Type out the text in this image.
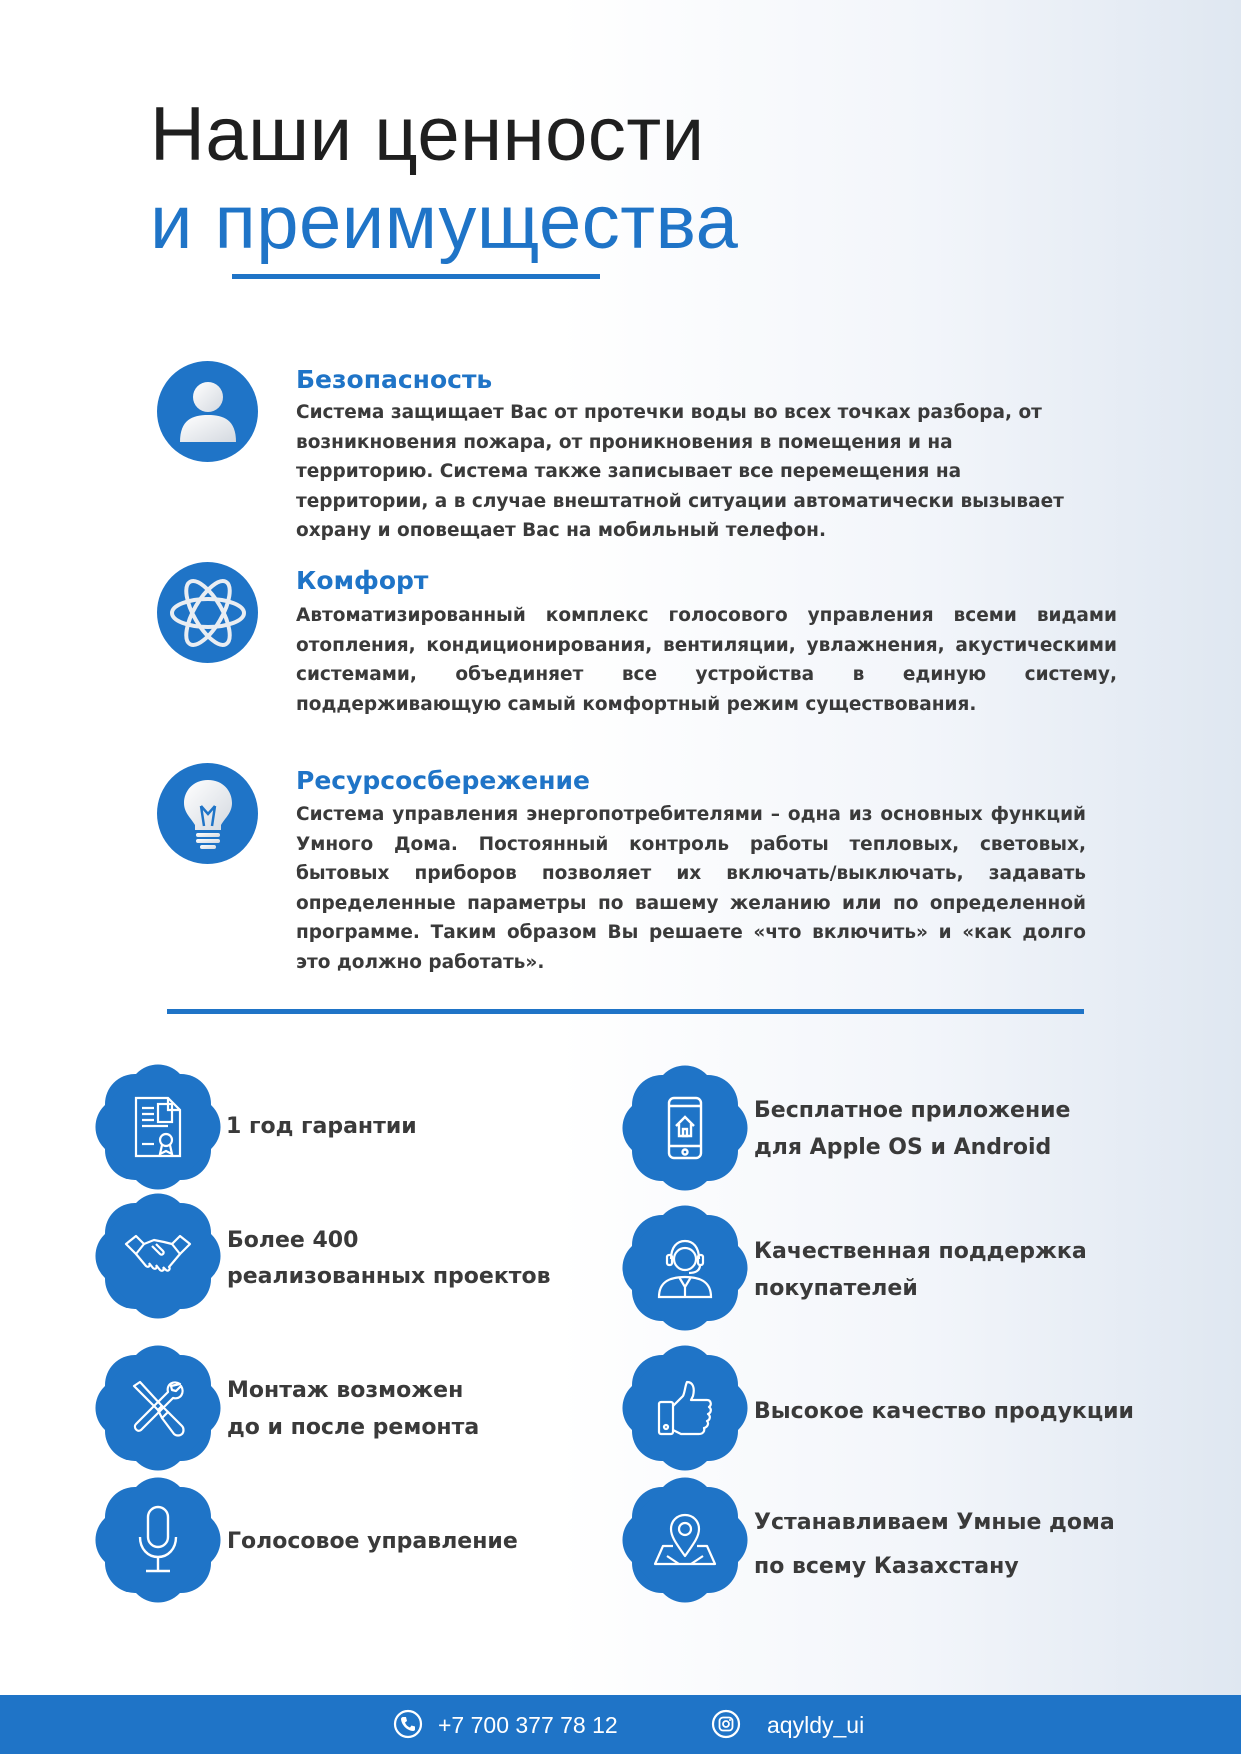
Наши ценности
и преимущества
Безопасность

Система защищает Вас от протечки воды во всех точках разбора, от возникновения пожара, от проникновения в помещения и на территорию. Система также записывает все перемещения на территории, а в случае внештатной ситуации автоматически вызывает охрану и оповещает Вас на мобильный телефон.

Комфорт

Автоматизированный комплекс голосового управления всеми видами отопления, кондиционирования, вентиляции, увлажнения, акустическими системами, объединяет все устройства в единую систему, поддерживающую самый комфортный режим существования.

Ресурсосбережение

Система управления энергопотребителями – одна из основных функций Умного Дома. Постоянный контроль работы тепловых, световых, бытовых приборов позволяет их включать/выключать, задавать определенные параметры по вашему желанию или по определенной программе. Таким образом Вы решаете «что включить» и «как долго это должно работать».

1 год гарантии

Бесплатное приложение

для Apple OS и Android

Более 400

реализованных проектов

Качественная поддержка

покупателей

Монтаж возможен

до и после ремонта

Высокое качество продукции

Голосовое управление

Устанавливаем Умные дома

по всему Казахстану

+7 700 377 78 12	aqyldy_ui
